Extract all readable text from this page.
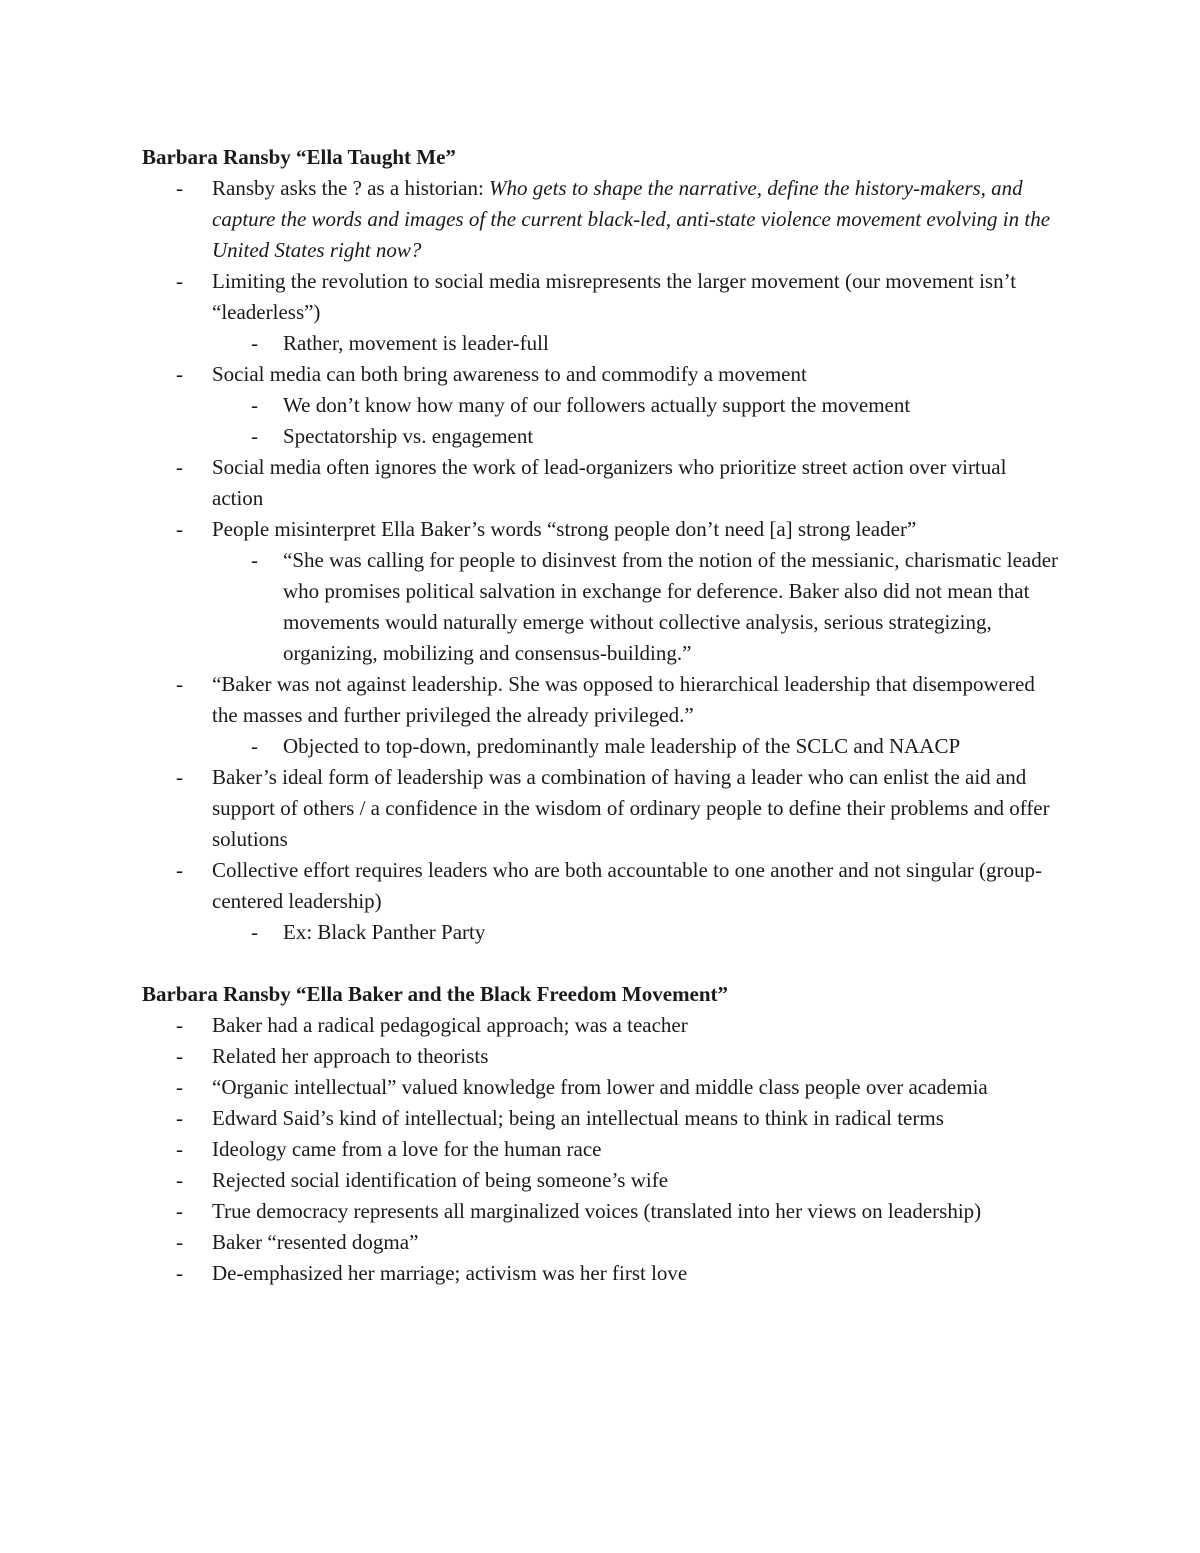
Barbara Ransby “Ella Taught Me”

- Ransby asks the ? as a historian: Who gets to shape the narrative, define the history-makers, and capture the words and images of the current black-led, anti-state violence movement evolving in the United States right now?
- Limiting the revolution to social media misrepresents the larger movement (our movement isn’t “leaderless”)
- Rather, movement is leader-full
- Social media can both bring awareness to and commodify a movement
- We don’t know how many of our followers actually support the movement
- Spectatorship vs. engagement
- Social media often ignores the work of lead-organizers who prioritize street action over virtual action
- People misinterpret Ella Baker’s words “strong people don’t need [a] strong leader”
- “She was calling for people to disinvest from the notion of the messianic, charismatic leader who promises political salvation in exchange for deference. Baker also did not mean that movements would naturally emerge without collective analysis, serious strategizing, organizing, mobilizing and consensus-building.”
- “Baker was not against leadership. She was opposed to hierarchical leadership that disempowered the masses and further privileged the already privileged.”
- Objected to top-down, predominantly male leadership of the SCLC and NAACP
- Baker’s ideal form of leadership was a combination of having a leader who can enlist the aid and support of others / a confidence in the wisdom of ordinary people to define their problems and offer solutions
- Collective effort requires leaders who are both accountable to one another and not singular (group-centered leadership)
- Ex: Black Panther Party

Barbara Ransby “Ella Baker and the Black Freedom Movement”

- Baker had a radical pedagogical approach; was a teacher
- Related her approach to theorists
- “Organic intellectual” valued knowledge from lower and middle class people over academia
- Edward Said’s kind of intellectual; being an intellectual means to think in radical terms
- Ideology came from a love for the human race
- Rejected social identification of being someone’s wife
- True democracy represents all marginalized voices (translated into her views on leadership)
- Baker “resented dogma”
- De-emphasized her marriage; activism was her first love
